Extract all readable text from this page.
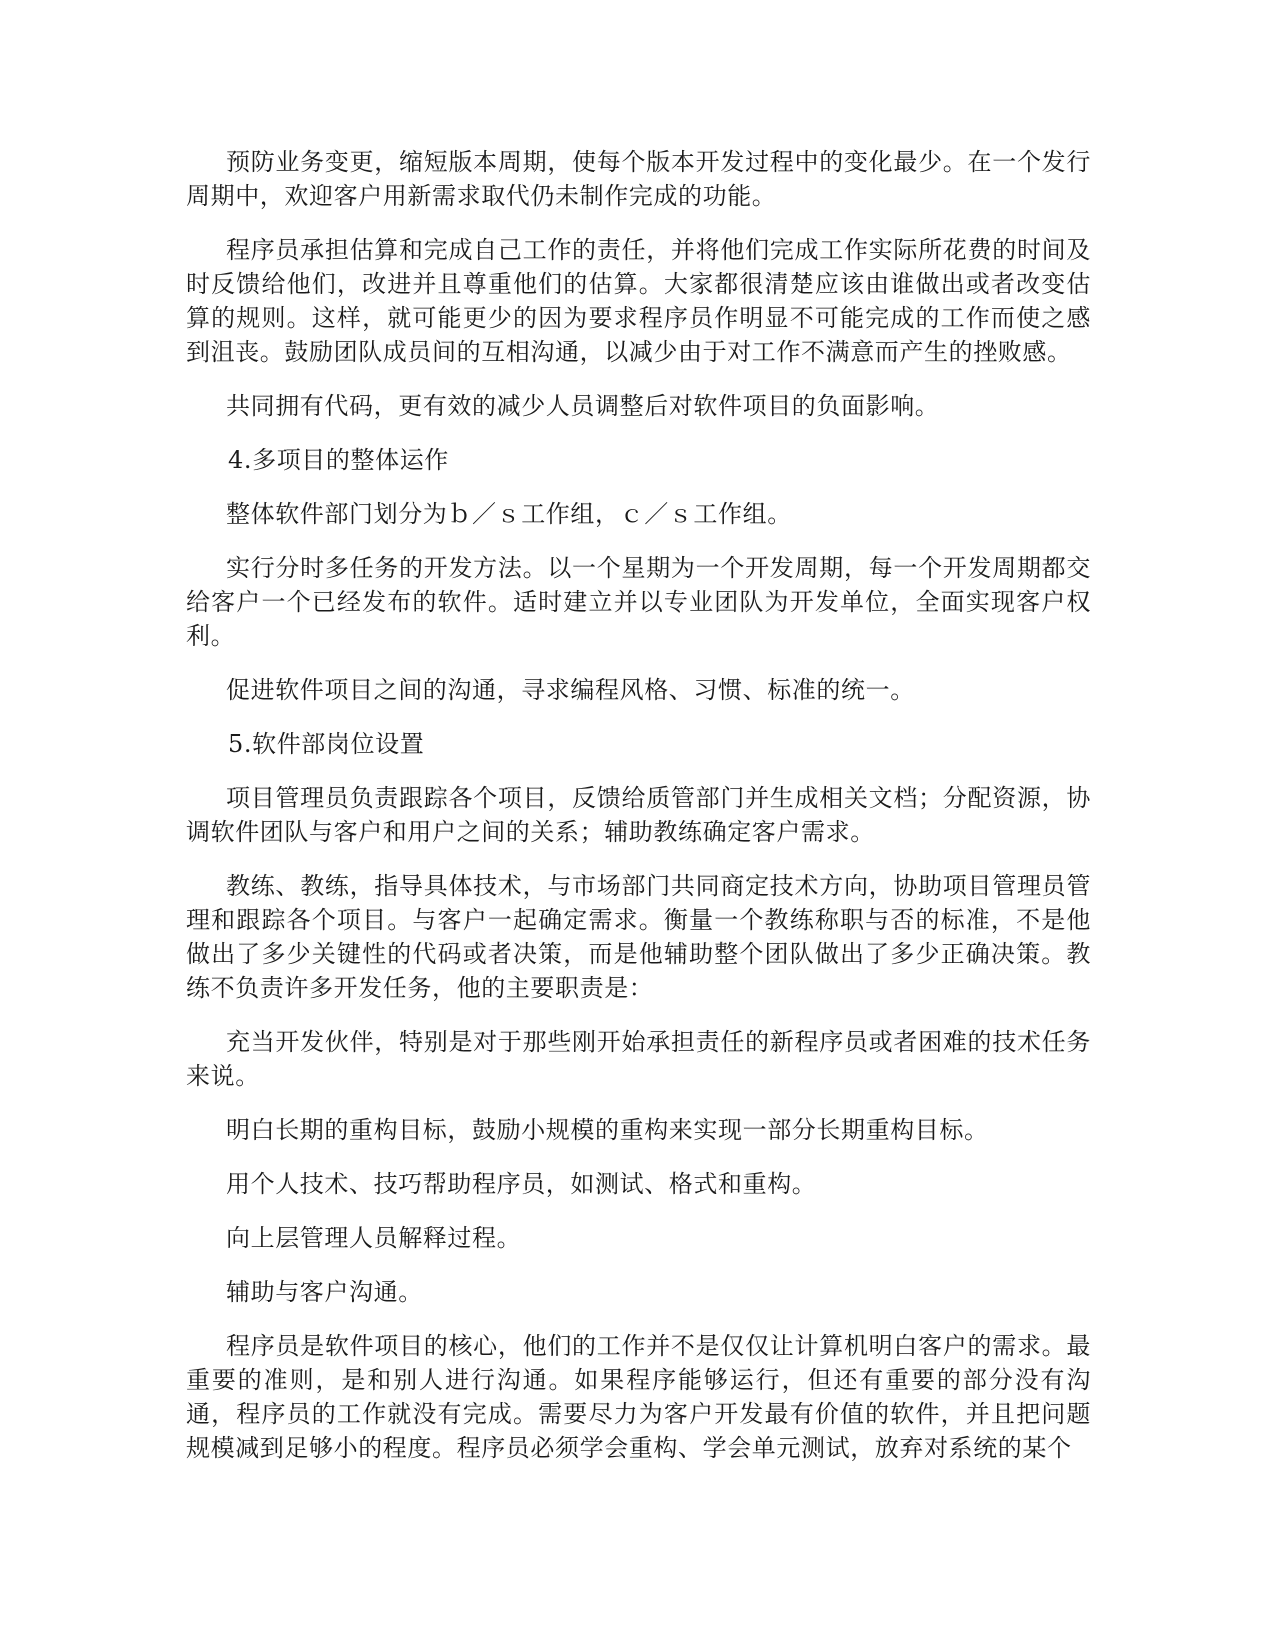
预防业务变更，缩短版本周期，使每个版本开发过程中的变化最少。在一个发行周期中，欢迎客户用新需求取代仍未制作完成的功能。

程序员承担估算和完成自己工作的责任，并将他们完成工作实际所花费的时间及时反馈给他们，改进并且尊重他们的估算。大家都很清楚应该由谁做出或者改变估算的规则。这样，就可能更少的因为要求程序员作明显不可能完成的工作而使之感到沮丧。鼓励团队成员间的互相沟通，以减少由于对工作不满意而产生的挫败感。

共同拥有代码，更有效的减少人员调整后对软件项目的负面影响。

4.多项目的整体运作

整体软件部门划分为ｂ／ｓ工作组，ｃ／ｓ工作组。

实行分时多任务的开发方法。以一个星期为一个开发周期，每一个开发周期都交给客户一个已经发布的软件。适时建立并以专业团队为开发单位，全面实现客户权利。

促进软件项目之间的沟通，寻求编程风格、习惯、标准的统一。

5.软件部岗位设置

项目管理员负责跟踪各个项目，反馈给质管部门并生成相关文档；分配资源，协调软件团队与客户和用户之间的关系；辅助教练确定客户需求。

教练、教练，指导具体技术，与市场部门共同商定技术方向，协助项目管理员管理和跟踪各个项目。与客户一起确定需求。衡量一个教练称职与否的标准，不是他做出了多少关键性的代码或者决策，而是他辅助整个团队做出了多少正确决策。教练不负责许多开发任务，他的主要职责是：

充当开发伙伴，特别是对于那些刚开始承担责任的新程序员或者困难的技术任务来说。

明白长期的重构目标，鼓励小规模的重构来实现一部分长期重构目标。

用个人技术、技巧帮助程序员，如测试、格式和重构。

向上层管理人员解释过程。

辅助与客户沟通。

程序员是软件项目的核心，他们的工作并不是仅仅让计算机明白客户的需求。最重要的准则，是和别人进行沟通。如果程序能够运行，但还有重要的部分没有沟通，程序员的工作就没有完成。需要尽力为客户开发最有价值的软件，并且把问题规模减到足够小的程度。程序员必须学会重构、学会单元测试，放弃对系统的某个
